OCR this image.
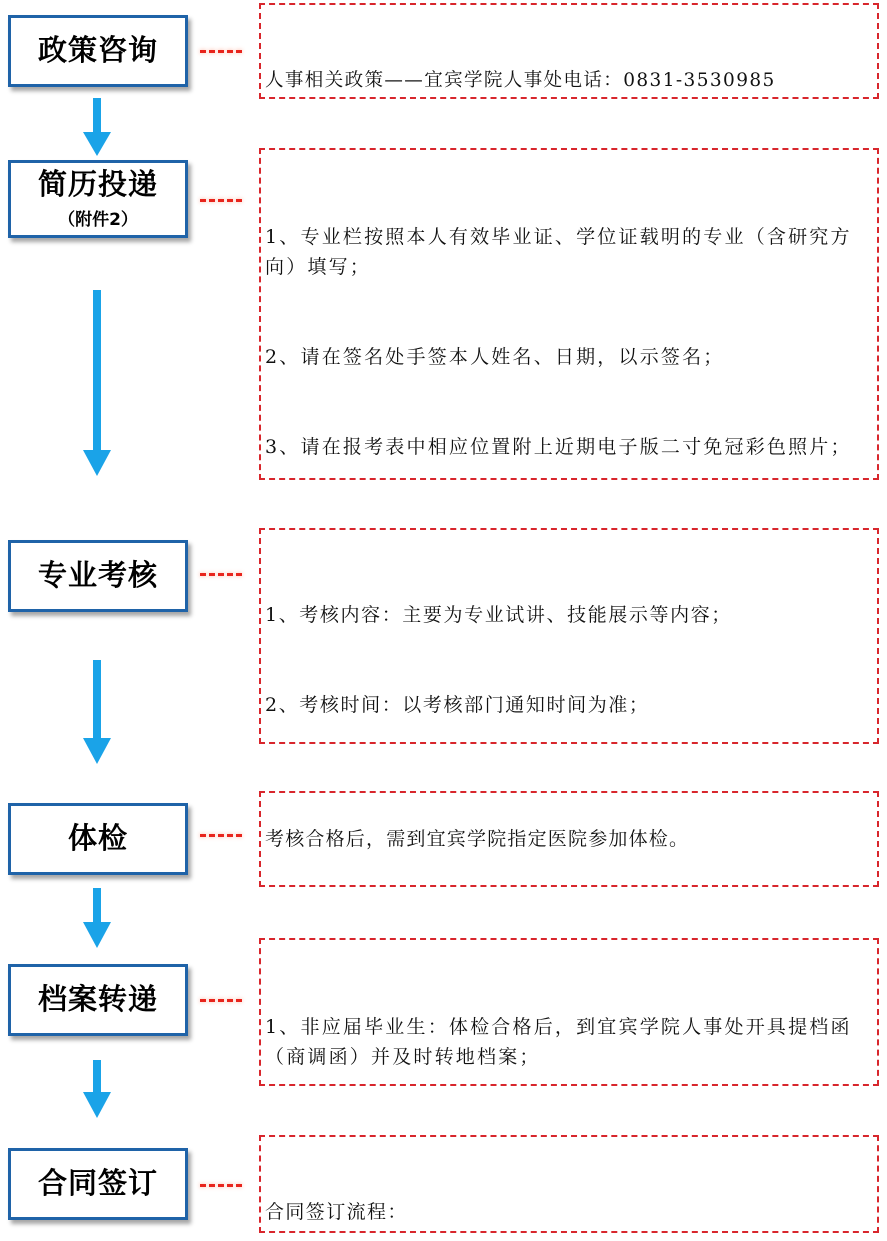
政策咨询
简历投递
（附件2）
专业考核
体检
档案转递
合同签订

人事相关政策——宜宾学院人事处电话：0831-3530985

1、专业栏按照本人有效毕业证、学位证载明的专业（含研究方向）填写；

2、请在签名处手签本人姓名、日期，以示签名；

3、请在报考表中相应位置附上近期电子版二寸免冠彩色照片；

1、考核内容：主要为专业试讲、技能展示等内容；

2、考核时间：以考核部门通知时间为准；

考核合格后，需到宜宾学院指定医院参加体检。

1、非应届毕业生：体检合格后，到宜宾学院人事处开具提档函（商调函）并及时转地档案；

合同签订流程：
